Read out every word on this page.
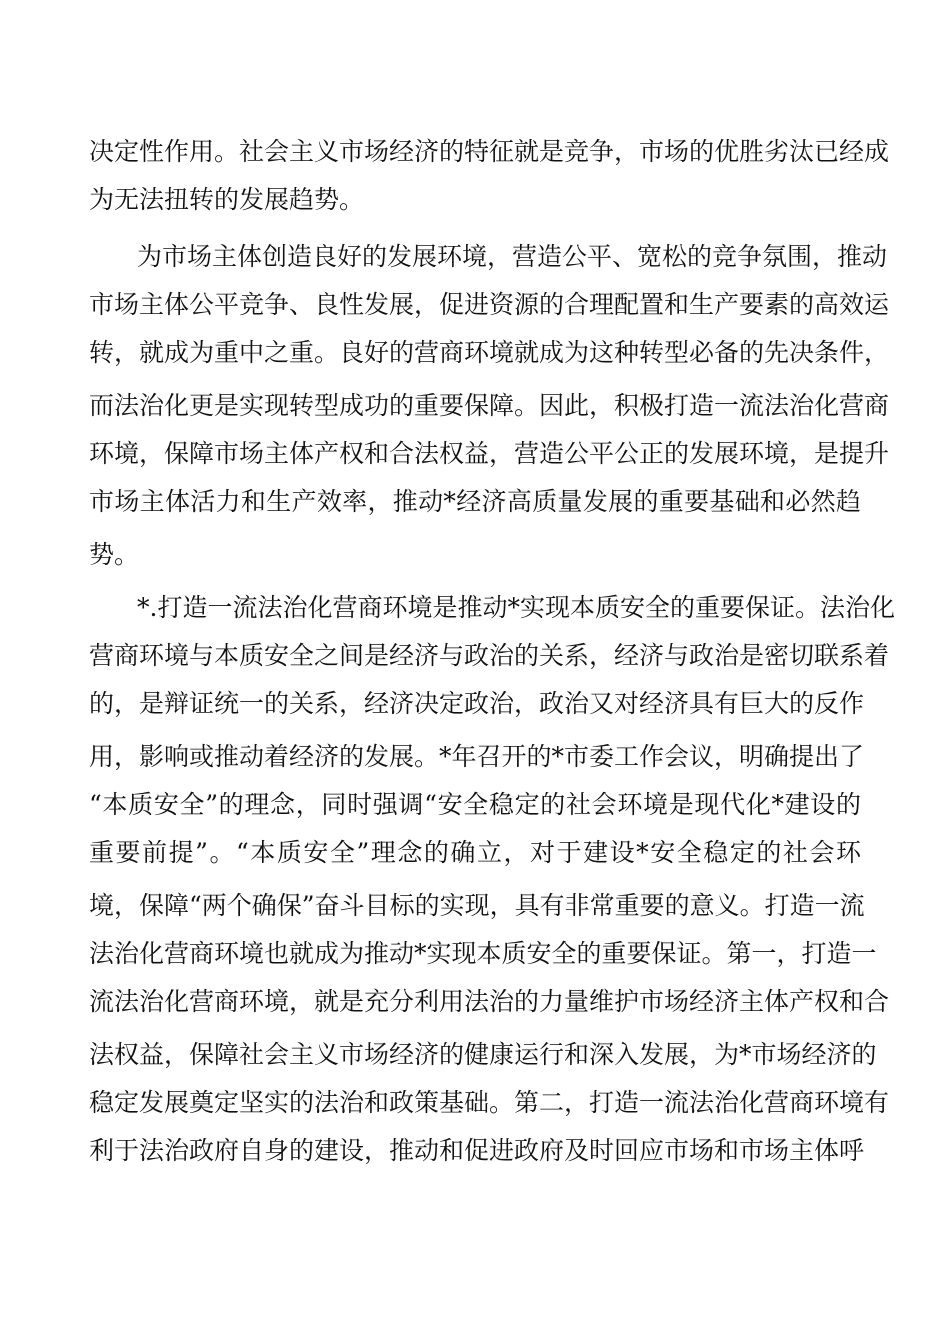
决定性作用。社会主义市场经济的特征就是竞争，市场的优胜劣汰已经成
为无法扭转的发展趋势。
为市场主体创造良好的发展环境，营造公平、宽松的竞争氛围，推动
市场主体公平竞争、良性发展，促进资源的合理配置和生产要素的高效运
转，就成为重中之重。良好的营商环境就成为这种转型必备的先决条件，
而法治化更是实现转型成功的重要保障。因此，积极打造一流法治化营商
环境，保障市场主体产权和合法权益，营造公平公正的发展环境，是提升
市场主体活力和生产效率，推动*经济高质量发展的重要基础和必然趋
势。
*.打造一流法治化营商环境是推动*实现本质安全的重要保证。法治化
营商环境与本质安全之间是经济与政治的关系，经济与政治是密切联系着
的，是辩证统一的关系，经济决定政治，政治又对经济具有巨大的反作
用，影响或推动着经济的发展。*年召开的*市委工作会议，明确提出了
“本质安全”的理念，同时强调“安全稳定的社会环境是现代化*建设的
重要前提”。“本质安全”理念的确立，对于建设*安全稳定的社会环
境，保障“两个确保”奋斗目标的实现，具有非常重要的意义。打造一流
法治化营商环境也就成为推动*实现本质安全的重要保证。第一，打造一
流法治化营商环境，就是充分利用法治的力量维护市场经济主体产权和合
法权益，保障社会主义市场经济的健康运行和深入发展，为*市场经济的
稳定发展奠定坚实的法治和政策基础。第二，打造一流法治化营商环境有
利于法治政府自身的建设，推动和促进政府及时回应市场和市场主体呼
